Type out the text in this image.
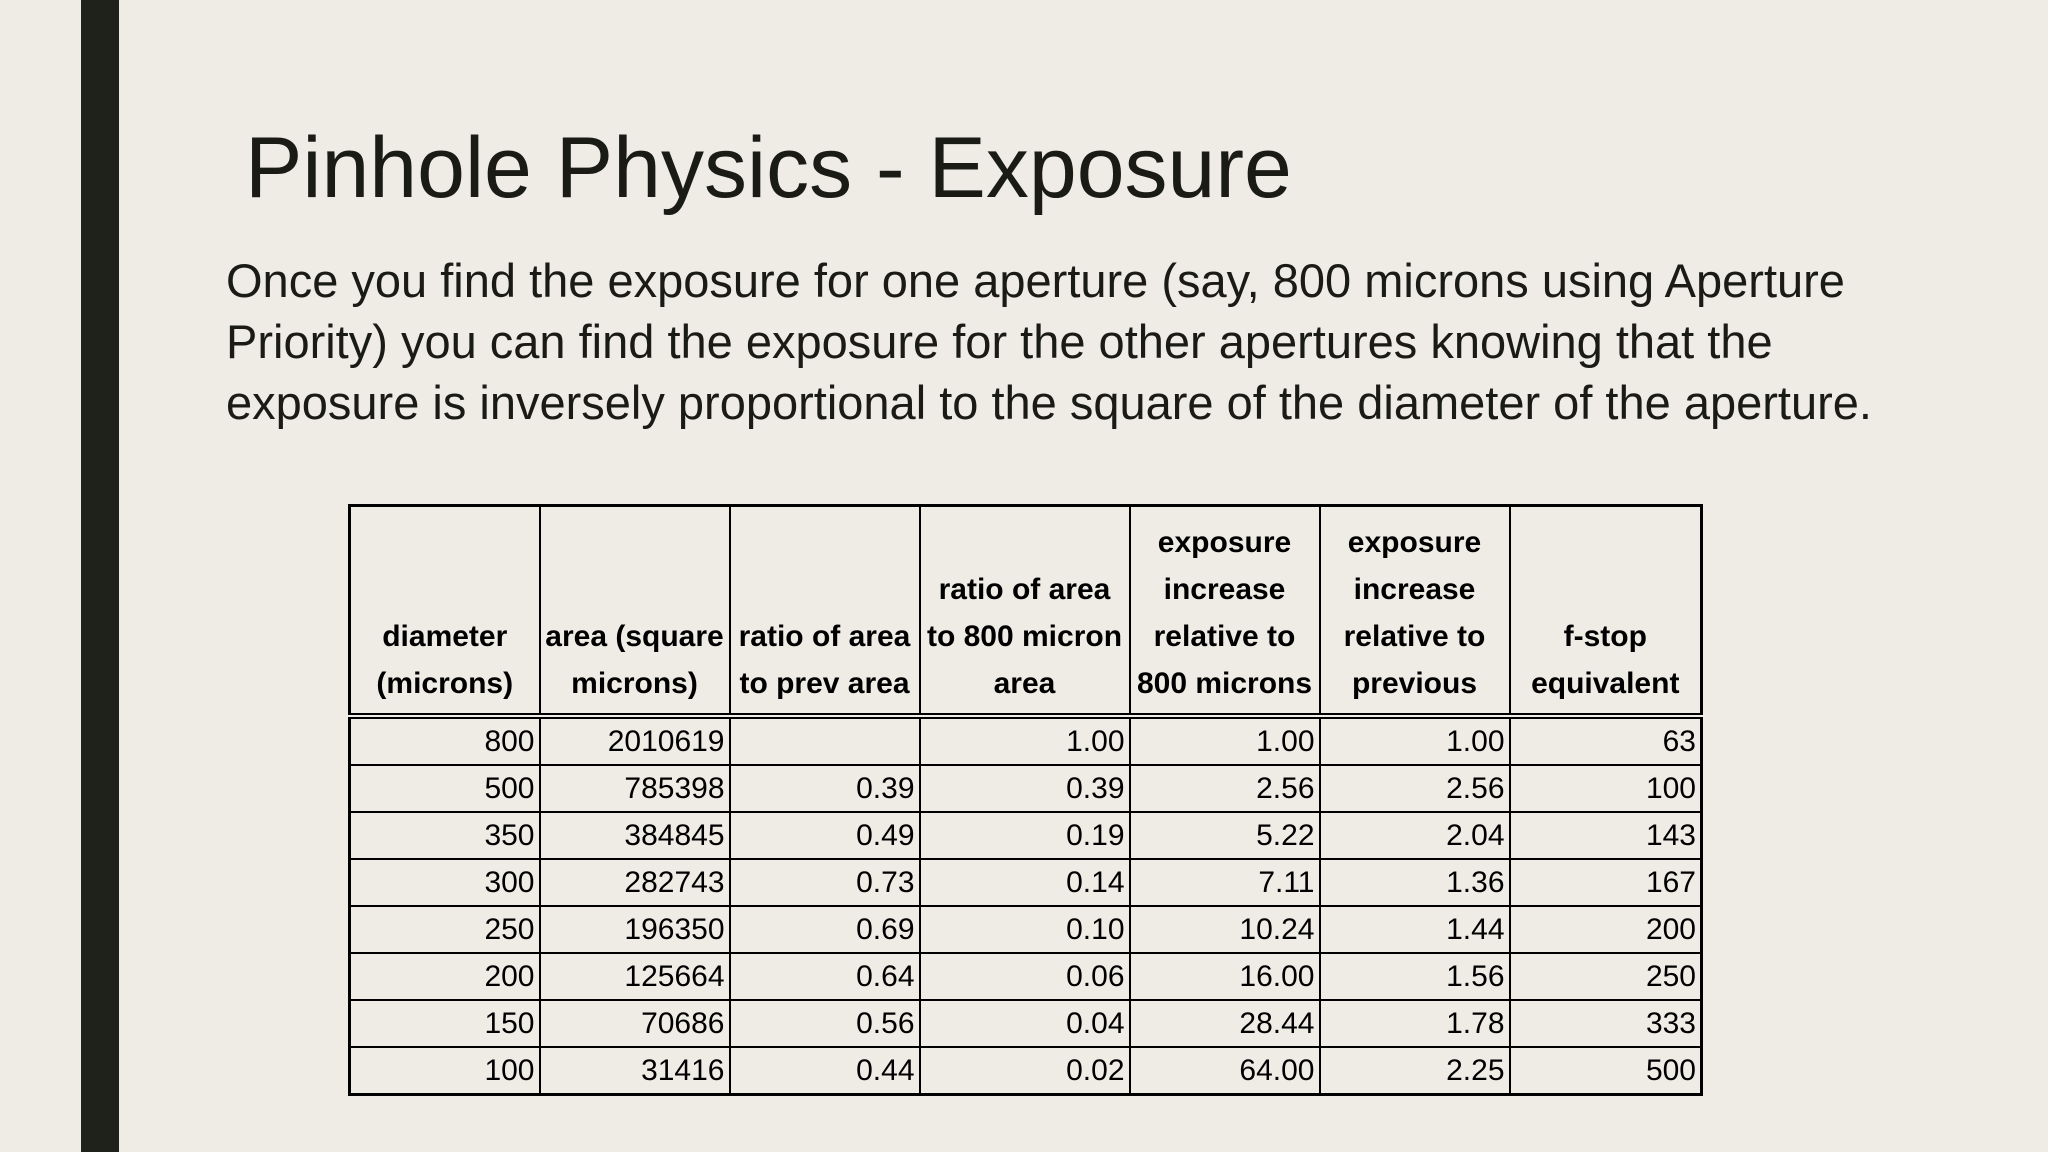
Pinhole Physics - Exposure

Once you find the exposure for one aperture (say, 800 microns using Aperture Priority) you can find the exposure for the other apertures knowing that the exposure is inversely proportional to the square of the diameter of the aperture.

diameter (microns)	area (square microns)	ratio of area to prev area	ratio of area to 800 micron area	exposure increase relative to 800 microns	exposure increase relative to previous	f-stop equivalent
800	2010619		1.00	1.00	1.00	63
500	785398	0.39	0.39	2.56	2.56	100
350	384845	0.49	0.19	5.22	2.04	143
300	282743	0.73	0.14	7.11	1.36	167
250	196350	0.69	0.10	10.24	1.44	200
200	125664	0.64	0.06	16.00	1.56	250
150	70686	0.56	0.04	28.44	1.78	333
100	31416	0.44	0.02	64.00	2.25	500
